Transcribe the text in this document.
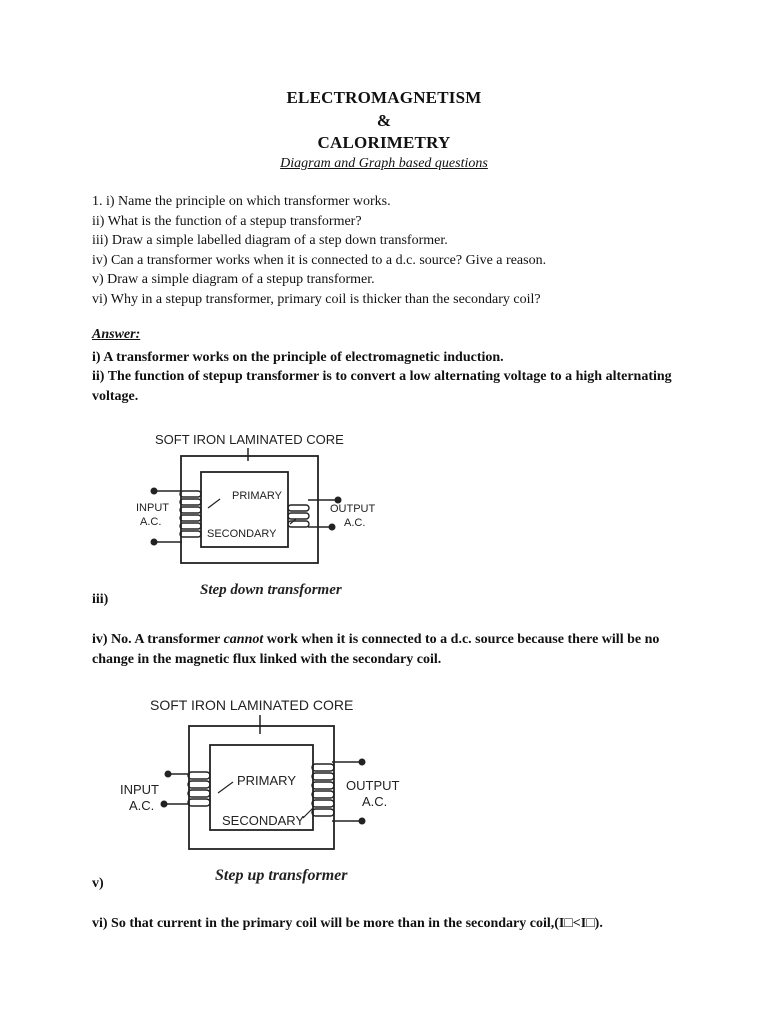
ELECTROMAGNETISM
&
CALORIMETRY
Diagram and Graph based questions
1. i) Name the principle on which transformer works.
ii) What is the function of a stepup transformer?
iii) Draw a simple labelled diagram of a step down transformer.
iv) Can a transformer works when it is connected to a d.c. source? Give a reason.
v) Draw a simple diagram of a stepup transformer.
vi) Why in a stepup transformer, primary coil is thicker than the secondary coil?
Answer:
i) A transformer works on the principle of electromagnetic induction.
ii) The function of stepup transformer is to convert a low alternating voltage to a high alternating voltage.
SOFT IRON LAMINATED CORE
PRIMARY
SECONDARY
INPUT
A.C.
OUTPUT
A.C.
Step down transformer
iii)
iv) No. A transformer cannot work when it is connected to a d.c. source because there will be no change in the magnetic flux linked with the secondary coil.
SOFT IRON LAMINATED CORE
PRIMARY
SECONDARY
INPUT
A.C.
OUTPUT
A.C.
Step up transformer
v)
vi) So that current in the primary coil will be more than in the secondary coil,(I□<I□).
